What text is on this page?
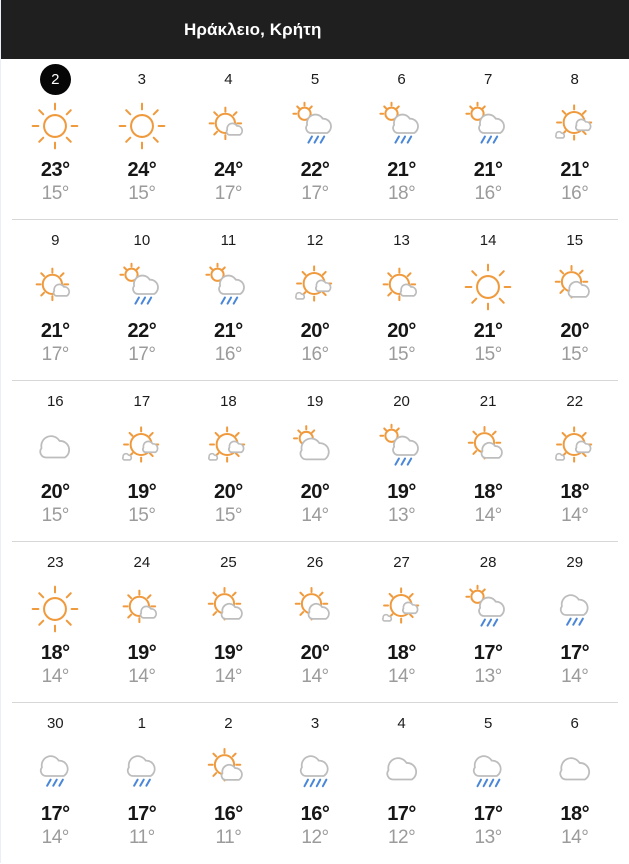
Ηράκλειο, Κρήτη
2
23°
15°
3
24°
15°
4
24°
17°
5
22°
17°
6
21°
18°
7
21°
16°
8
21°
16°
9
21°
17°
10
22°
17°
11
21°
16°
12
20°
16°
13
20°
15°
14
21°
15°
15
20°
15°
16
20°
15°
17
19°
15°
18
20°
15°
19
20°
14°
20
19°
13°
21
18°
14°
22
18°
14°
23
18°
14°
24
19°
14°
25
19°
14°
26
20°
14°
27
18°
14°
28
17°
13°
29
17°
14°
30
17°
14°
1
17°
11°
2
16°
11°
3
16°
12°
4
17°
12°
5
17°
13°
6
18°
14°
